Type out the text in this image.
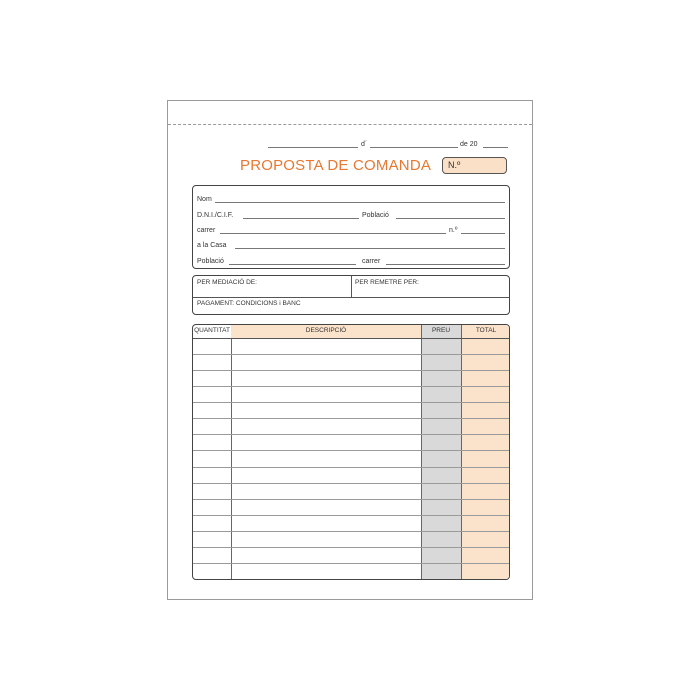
d´	de 20
PROPOSTA DE COMANDA N.º
Nom
D.N.I./C.I.F.	Població
carrer	n.º
a la Casa
Població	carrer
PER MEDIACIÓ DE:	PER REMETRE PER:
PAGAMENT: CONDICIONS i BANC
QUANTITAT	DESCRIPCIÓ	PREU	TOTAL
